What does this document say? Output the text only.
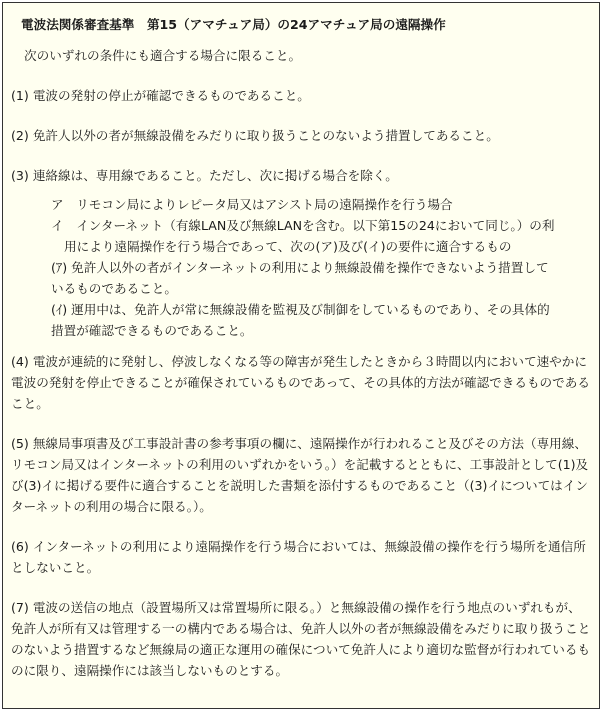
電波法関係審査基準　第15（アマチュア局）の24アマチュア局の遠隔操作
次のいずれの条件にも適合する場合に限ること。
(1) 電波の発射の停止が確認できるものであること。
(2) 免許人以外の者が無線設備をみだりに取り扱うことのないよう措置してあること。
(3) 連絡線は、専用線であること。ただし、次に掲げる場合を除く。
ア　リモコン局によりレピータ局又はアシスト局の遠隔操作を行う場合
イ　インターネット（有線LAN及び無線LANを含む。以下第15の24において同じ。）の利用により遠隔操作を行う場合であって、次の(ア)及び(イ)の要件に適合するもの
(ｱ) 免許人以外の者がインターネットの利用により無線設備を操作できないよう措置しているものであること。
(ｲ) 運用中は、免許人が常に無線設備を監視及び制御をしているものであり、その具体的措置が確認できるものであること。
(4) 電波が連続的に発射し、停波しなくなる等の障害が発生したときから３時間以内において速やかに電波の発射を停止できることが確保されているものであって、その具体的方法が確認できるものであること。
(5) 無線局事項書及び工事設計書の参考事項の欄に、遠隔操作が行われること及びその方法（専用線、リモコン局又はインターネットの利用のいずれかをいう。）を記載するとともに、工事設計として(1)及び(3)イに掲げる要件に適合することを説明した書類を添付するものであること（(3)イについてはインターネットの利用の場合に限る。）。
(6) インターネットの利用により遠隔操作を行う場合においては、無線設備の操作を行う場所を通信所としないこと。
(7) 電波の送信の地点（設置場所又は常置場所に限る。）と無線設備の操作を行う地点のいずれもが、免許人が所有又は管理する一の構内である場合は、免許人以外の者が無線設備をみだりに取り扱うことのないよう措置するなど無線局の適正な運用の確保について免許人により適切な監督が行われているものに限り、遠隔操作には該当しないものとする。
